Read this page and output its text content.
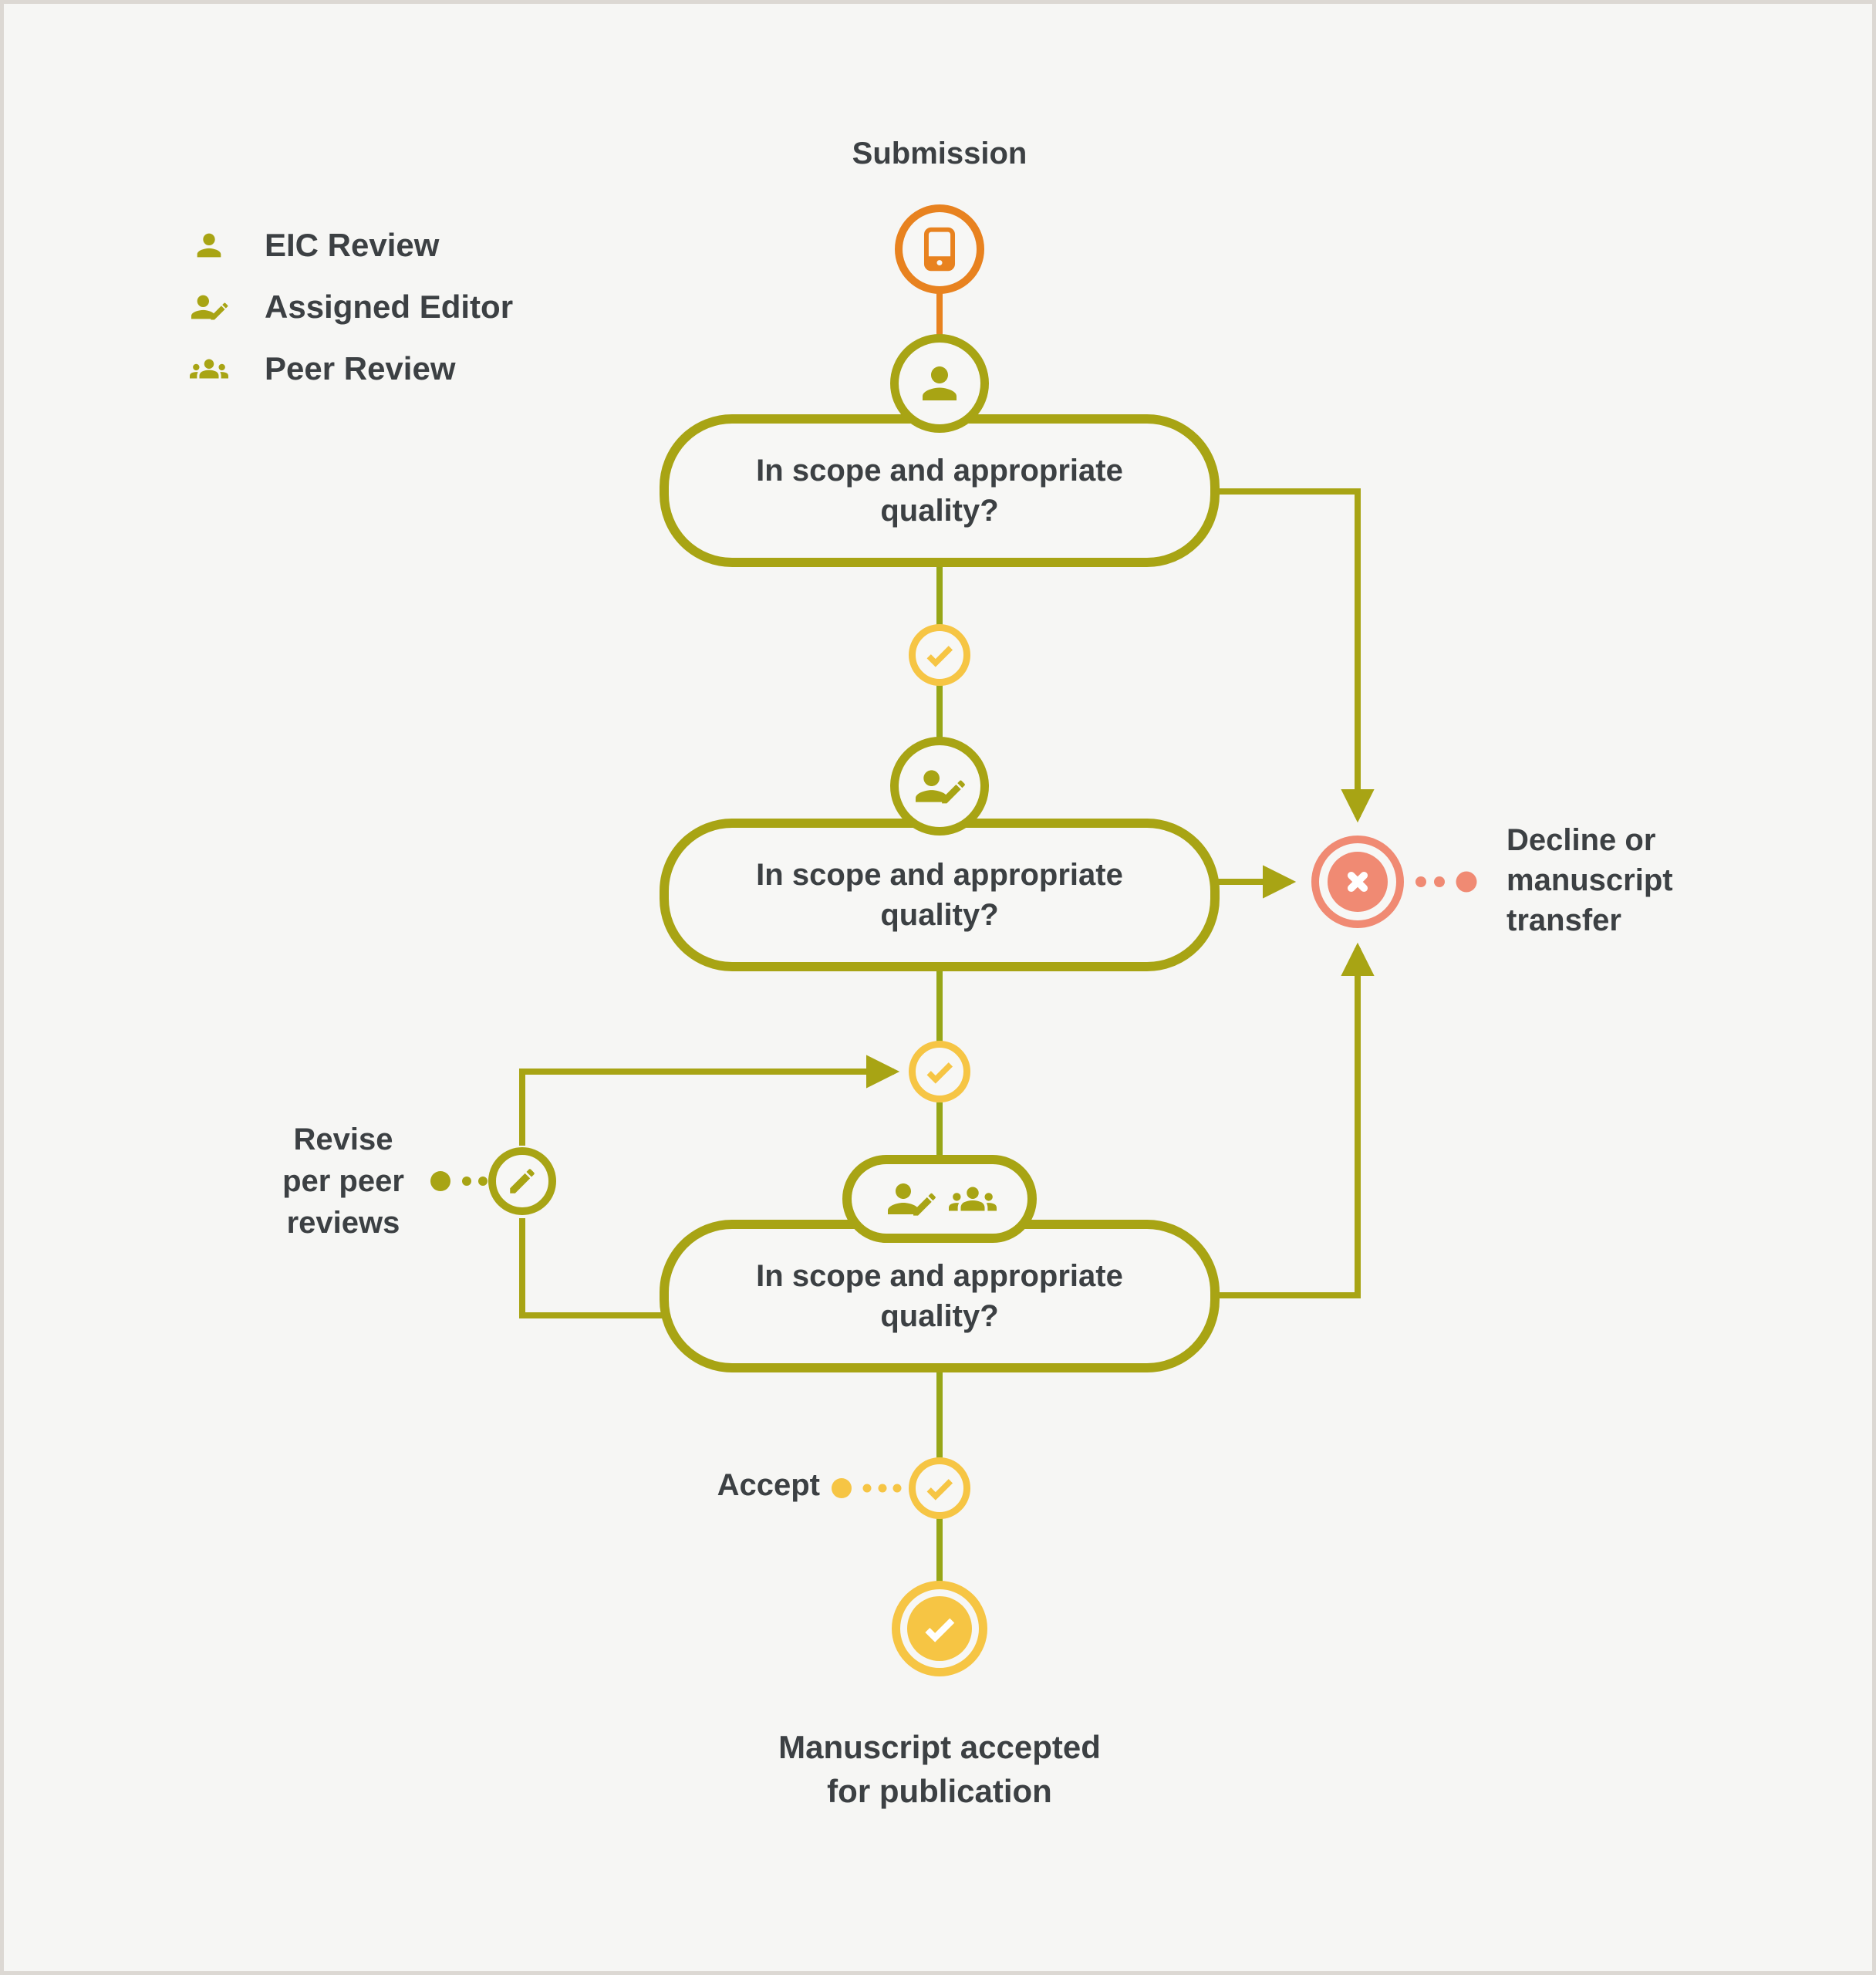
EIC Review
Assigned Editor
Peer Review
Submission
In scope and appropriate quality?
In scope and appropriate quality?
Decline or manuscript transfer
Revise per peer reviews
In scope and appropriate quality?
Accept
Manuscript accepted for publication
